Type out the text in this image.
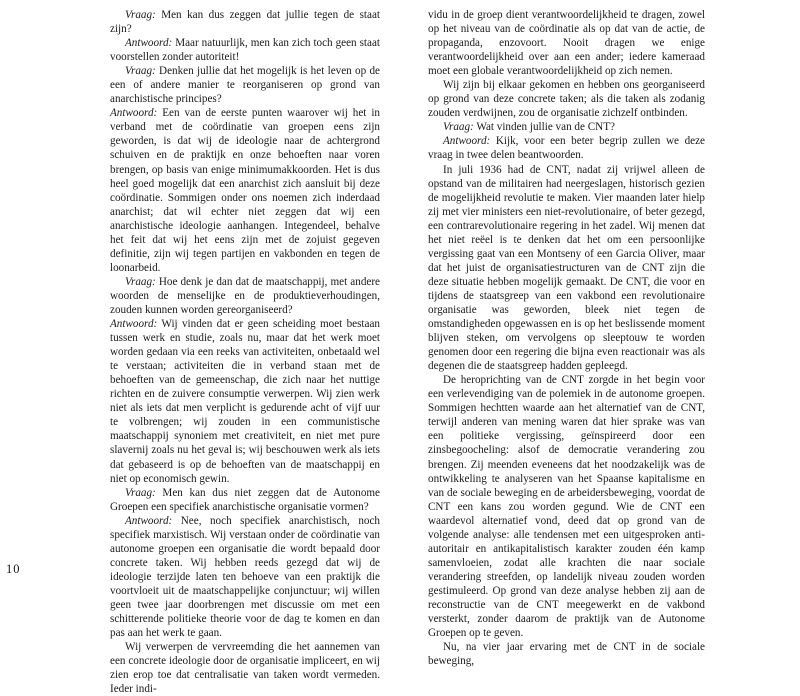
Vraag: Men kan dus zeggen dat jullie tegen de staat zijn?

Antwoord: Maar natuurlijk, men kan zich toch geen staat voorstellen zonder autoriteit!

Vraag: Denken jullie dat het mogelijk is het leven op de een of andere manier te reorganiseren op grond van anarchistische principes?

Antwoord: Een van de eerste punten waarover wij het in verband met de coördinatie van groepen eens zijn geworden, is dat wij de ideologie naar de achtergrond schuiven en de praktijk en onze behoeften naar voren brengen, op basis van enige minimumakkoorden. Het is dus heel goed mogelijk dat een anarchist zich aansluit bij deze coördinatie. Sommigen onder ons noemen zich inderdaad anarchist; dat wil echter niet zeggen dat wij een anarchistische ideologie aanhangen. Integendeel, behalve het feit dat wij het eens zijn met de zojuist gegeven definitie, zijn wij tegen partijen en vakbonden en tegen de loonarbeid.

Vraag: Hoe denk je dan dat de maatschappij, met andere woorden de menselijke en de produktieverhoudingen, zouden kunnen worden gereorganiseerd?

Antwoord: Wij vinden dat er geen scheiding moet bestaan tussen werk en studie, zoals nu, maar dat het werk moet worden gedaan via een reeks van activiteiten, onbetaald wel te verstaan; activiteiten die in verband staan met de behoeften van de gemeenschap, die zich naar het nuttige richten en de zuivere consumptie verwerpen. Wij zien werk niet als iets dat men verplicht is gedurende acht of vijf uur te volbrengen; wij zouden in een communistische maatschappij synoniem met creativiteit, en niet met pure slavernij zoals nu het geval is; wij beschouwen werk als iets dat gebaseerd is op de behoeften van de maatschappij en niet op economisch gewin.

Vraag: Men kan dus niet zeggen dat de Autonome Groepen een specifiek anarchistische organisatie vormen?

Antwoord: Nee, noch specifiek anarchistisch, noch specifiek marxistisch. Wij verstaan onder de coördinatie van autonome groepen een organisatie die wordt bepaald door concrete taken. Wij hebben reeds gezegd dat wij de ideologie terzijde laten ten behoeve van een praktijk die voortvloeit uit de maatschappelijke conjunctuur; wij willen geen twee jaar doorbrengen met discussie om met een schitterende politieke theorie voor de dag te komen en dan pas aan het werk te gaan.

Wij verwerpen de vervreemding die het aannemen van een concrete ideologie door de organisatie impliceert, en wij zien erop toe dat centralisatie van taken wordt vermeden. Ieder indi-

vidu in de groep dient verantwoordelijkheid te dragen, zowel op het niveau van de coördinatie als op dat van de actie, de propaganda, enzovoort. Nooit dragen we enige verantwoordelijkheid over aan een ander; iedere kameraad moet een globale verantwoordelijkheid op zich nemen.

Wij zijn bij elkaar gekomen en hebben ons georganiseerd op grond van deze concrete taken; als die taken als zodanig zouden verdwijnen, zou de organisatie zichzelf ontbinden.

Vraag: Wat vinden jullie van de CNT?

Antwoord: Kijk, voor een beter begrip zullen we deze vraag in twee delen beantwoorden.

In juli 1936 had de CNT, nadat zij vrijwel alleen de opstand van de militairen had neergeslagen, historisch gezien de mogelijkheid revolutie te maken. Vier maanden later hielp zij met vier ministers een niet-revolutionaire, of beter gezegd, een contrarevolutionaire regering in het zadel. Wij menen dat het niet reëel is te denken dat het om een persoonlijke vergissing gaat van een Montseny of een Garcia Oliver, maar dat het juist de organisatiestructuren van de CNT zijn die deze situatie hebben mogelijk gemaakt. De CNT, die voor en tijdens de staatsgreep van een vakbond een revolutionaire organisatie was geworden, bleek niet tegen de omstandigheden opgewassen en is op het beslissende moment blijven steken, om vervolgens op sleeptouw te worden genomen door een regering die bijna even reactionair was als degenen die de staatsgreep hadden gepleegd.

De heroprichting van de CNT zorgde in het begin voor een verlevendiging van de polemiek in de autonome groepen. Sommigen hechtten waarde aan het alternatief van de CNT, terwijl anderen van mening waren dat hier sprake was van een politieke vergissing, geïnspireerd door een zinsbegoocheling: alsof de democratie verandering zou brengen. Zij meenden eveneens dat het noodzakelijk was de ontwikkeling te analyseren van het Spaanse kapitalisme en van de sociale beweging en de arbeidersbeweging, voordat de CNT een kans zou worden gegund. Wie de CNT een waardevol alternatief vond, deed dat op grond van de volgende analyse: alle tendensen met een uitgesproken anti-autoritair en antikapitalistisch karakter zouden één kamp samenvloeien, zodat alle krachten die naar sociale verandering streefden, op landelijk niveau zouden worden gestimuleerd. Op grond van deze analyse hebben zij aan de reconstructie van de CNT meegewerkt en de vakbond versterkt, zonder daarom de praktijk van de Autonome Groepen op te geven.

Nu, na vier jaar ervaring met de CNT in de sociale beweging,

10
